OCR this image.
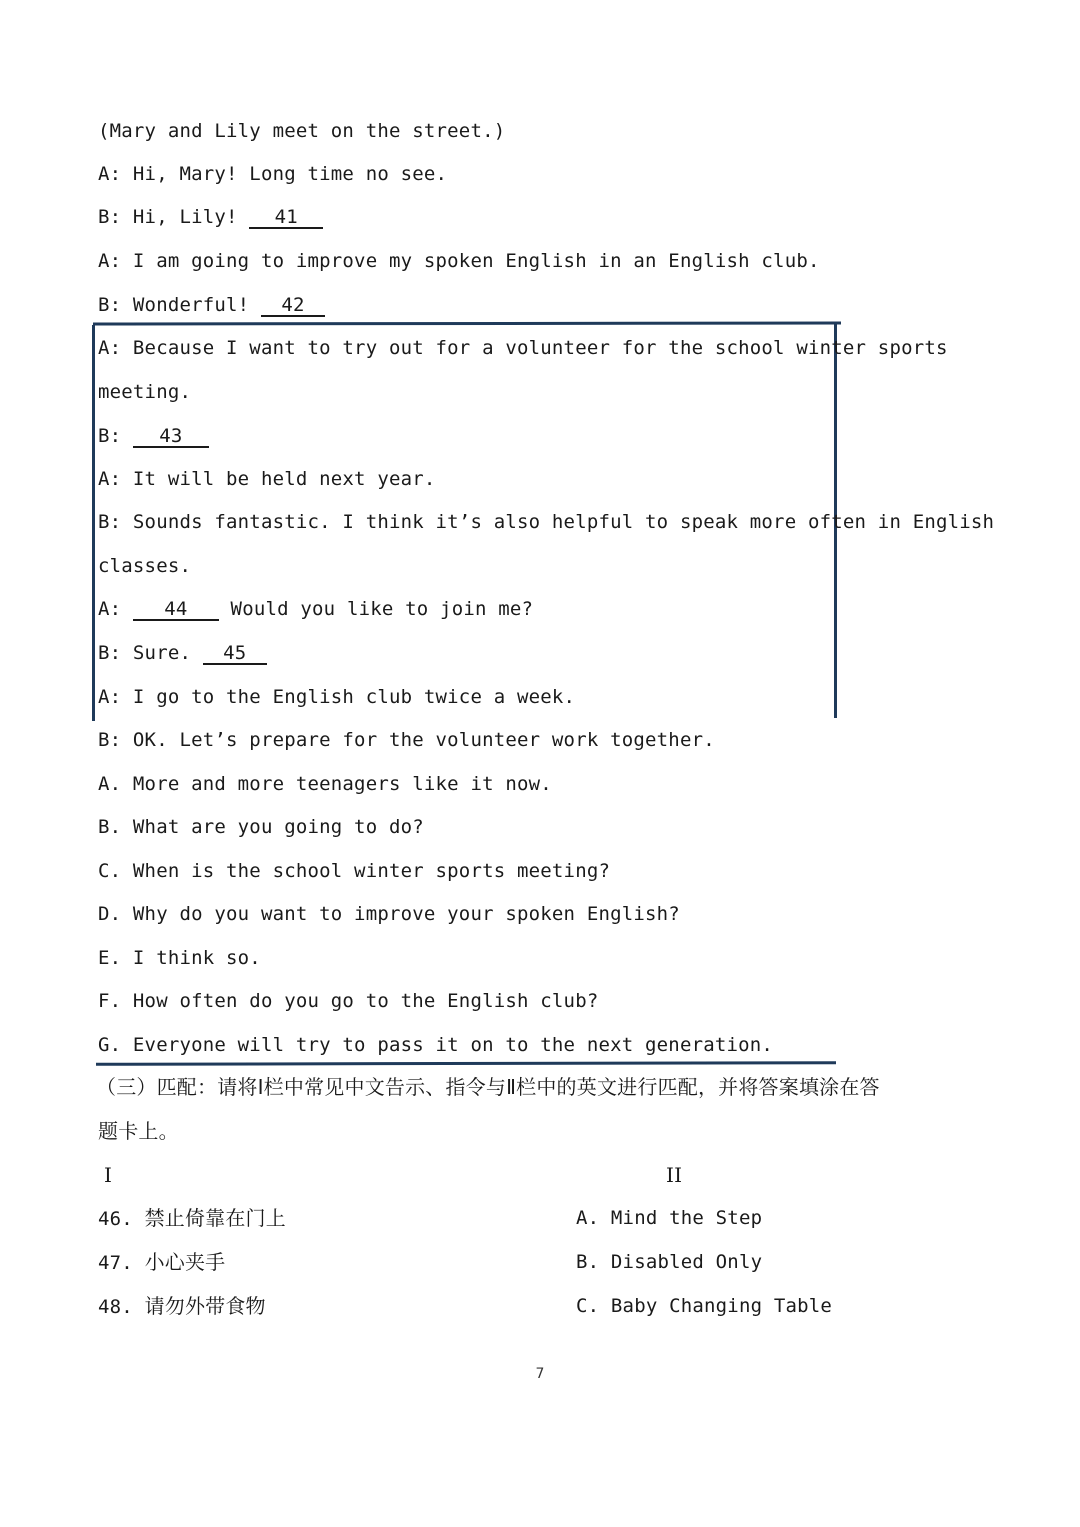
(Mary and Lily meet on the street.)
A: Hi, Mary! Long time no see.
B: Hi, Lily! 41
A: I am going to improve my spoken English in an English club.
B: Wonderful! 42
A: Because I want to try out for a volunteer for the school winter sports
meeting.
B: 43
A: It will be held next year.
B: Sounds fantastic. I think it’s also helpful to speak more often in English
classes.
A: 44 Would you like to join me?
B: Sure. 45
A: I go to the English club twice a week.
B: OK. Let’s prepare for the volunteer work together.
A. More and more teenagers like it now.
B. What are you going to do?
C. When is the school winter sports meeting?
D. Why do you want to improve your spoken English?
E. I think so.
F. How often do you go to the English club?
G. Everyone will try to pass it on to the next generation.
（三）匹配：请将Ⅰ栏中常见中文告示、指令与Ⅱ栏中的英文进行匹配，并将答案填涂在答
题卡上。
I	II
46. 禁止倚靠在门上	A. Mind the Step
47. 小心夹手	B. Disabled Only
48. 请勿外带食物	C. Baby Changing Table
7
